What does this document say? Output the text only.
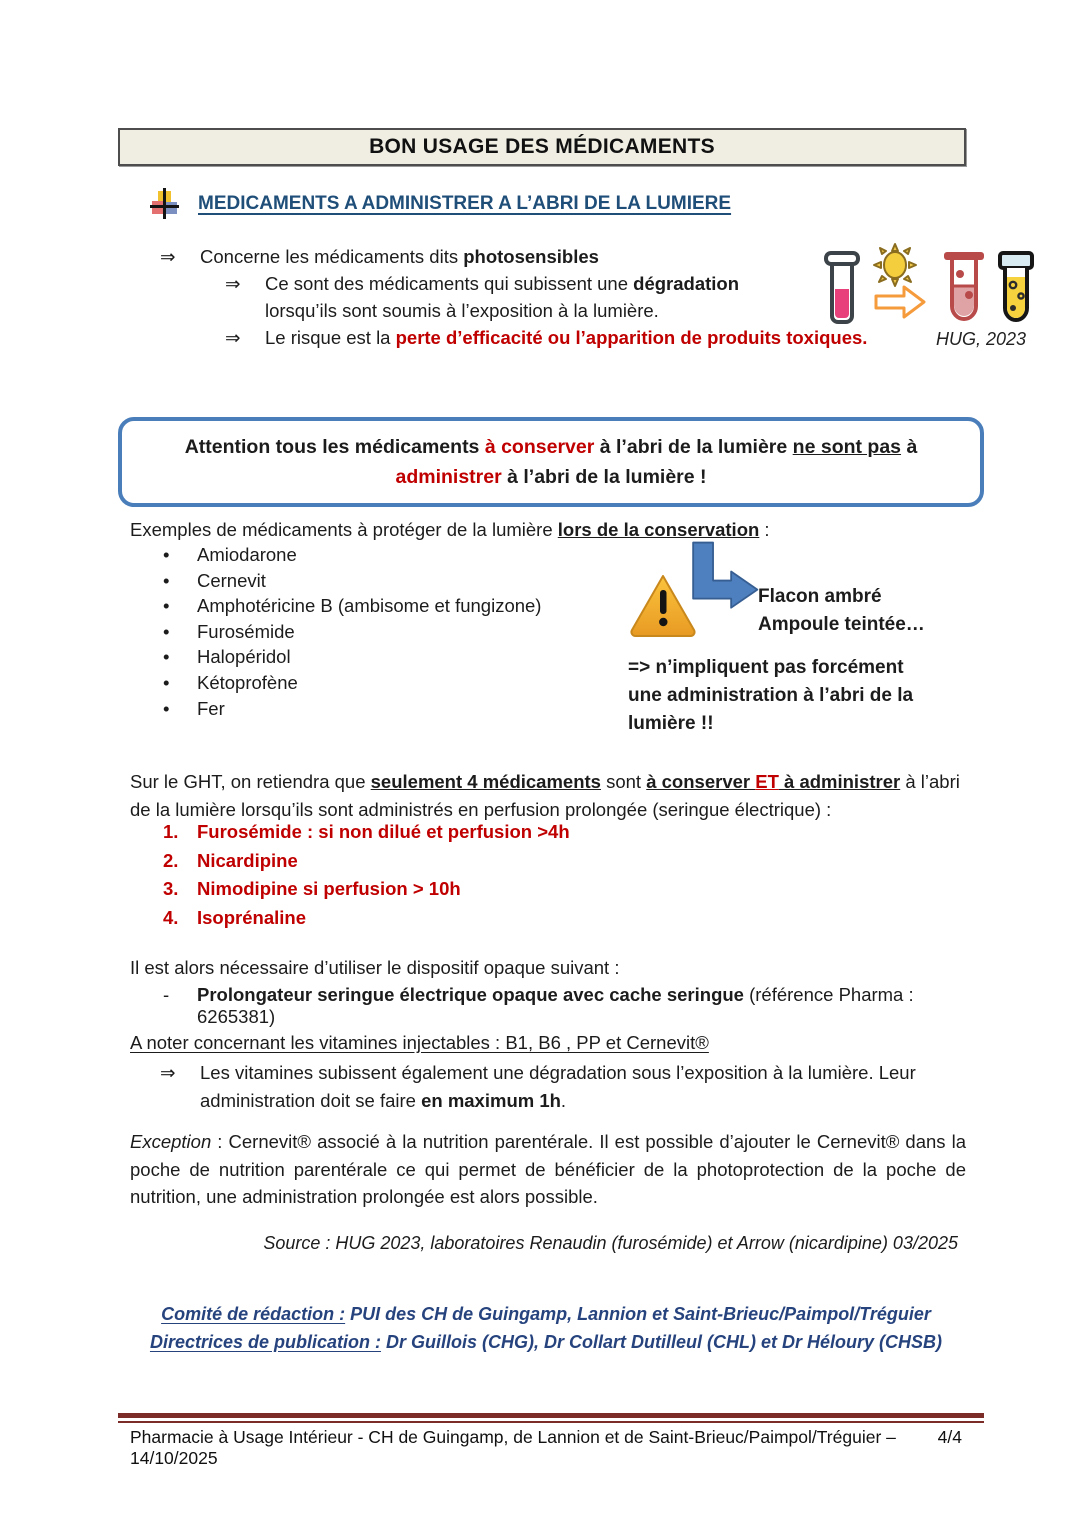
BON USAGE DES MÉDICAMENTS
MEDICAMENTS A ADMINISTRER A L’ABRI DE LA LUMIERE
⇒	Concerne les médicaments dits photosensibles
⇒	Ce sont des médicaments qui subissent une dégradation lorsqu’ils sont soumis à l’exposition à la lumière.
⇒	Le risque est la perte d’efficacité ou l’apparition de produits toxiques.	HUG, 2023
Attention tous les médicaments à conserver à l’abri de la lumière ne sont pas à
administrer à l’abri de la lumière !
Exemples de médicaments à protéger de la lumière lors de la conservation :
•	Amiodarone
•	Cernevit
•	Amphotéricine B (ambisome et fungizone)
•	Furosémide
•	Halopéridol
•	Kétoprofène
•	Fer
Flacon ambré
Ampoule teintée…
=> n’impliquent pas forcément
une administration à l’abri de la
lumière !!
Sur le GHT, on retiendra que seulement 4 médicaments sont à conserver ET à administrer à l’abri de la lumière lorsqu’ils sont administrés en perfusion prolongée (seringue électrique) :
1.	Furosémide : si non dilué et perfusion >4h
2.	Nicardipine
3.	Nimodipine si perfusion > 10h
4.	Isoprénaline
Il est alors nécessaire d’utiliser le dispositif opaque suivant :
-	Prolongateur seringue électrique opaque avec cache seringue (référence Pharma : 6265381)
A noter concernant les vitamines injectables : B1, B6 , PP et Cernevit®
⇒	Les vitamines subissent également une dégradation sous l’exposition à la lumière. Leur administration doit se faire en maximum 1h.
Exception : Cernevit® associé à la nutrition parentérale. Il est possible d’ajouter le Cernevit® dans la poche de nutrition parentérale ce qui permet de bénéficier de la photoprotection de la poche de nutrition, une administration prolongée est alors possible.
Source : HUG 2023, laboratoires Renaudin (furosémide) et Arrow (nicardipine) 03/2025
Comité de rédaction : PUI des CH de Guingamp, Lannion et Saint-Brieuc/Paimpol/Tréguier
Directrices de publication : Dr Guillois (CHG), Dr Collart Dutilleul (CHL) et Dr Héloury (CHSB)
Pharmacie à Usage Intérieur - CH de Guingamp, de Lannion et de Saint-Brieuc/Paimpol/Tréguier – 14/10/2025
4/4
